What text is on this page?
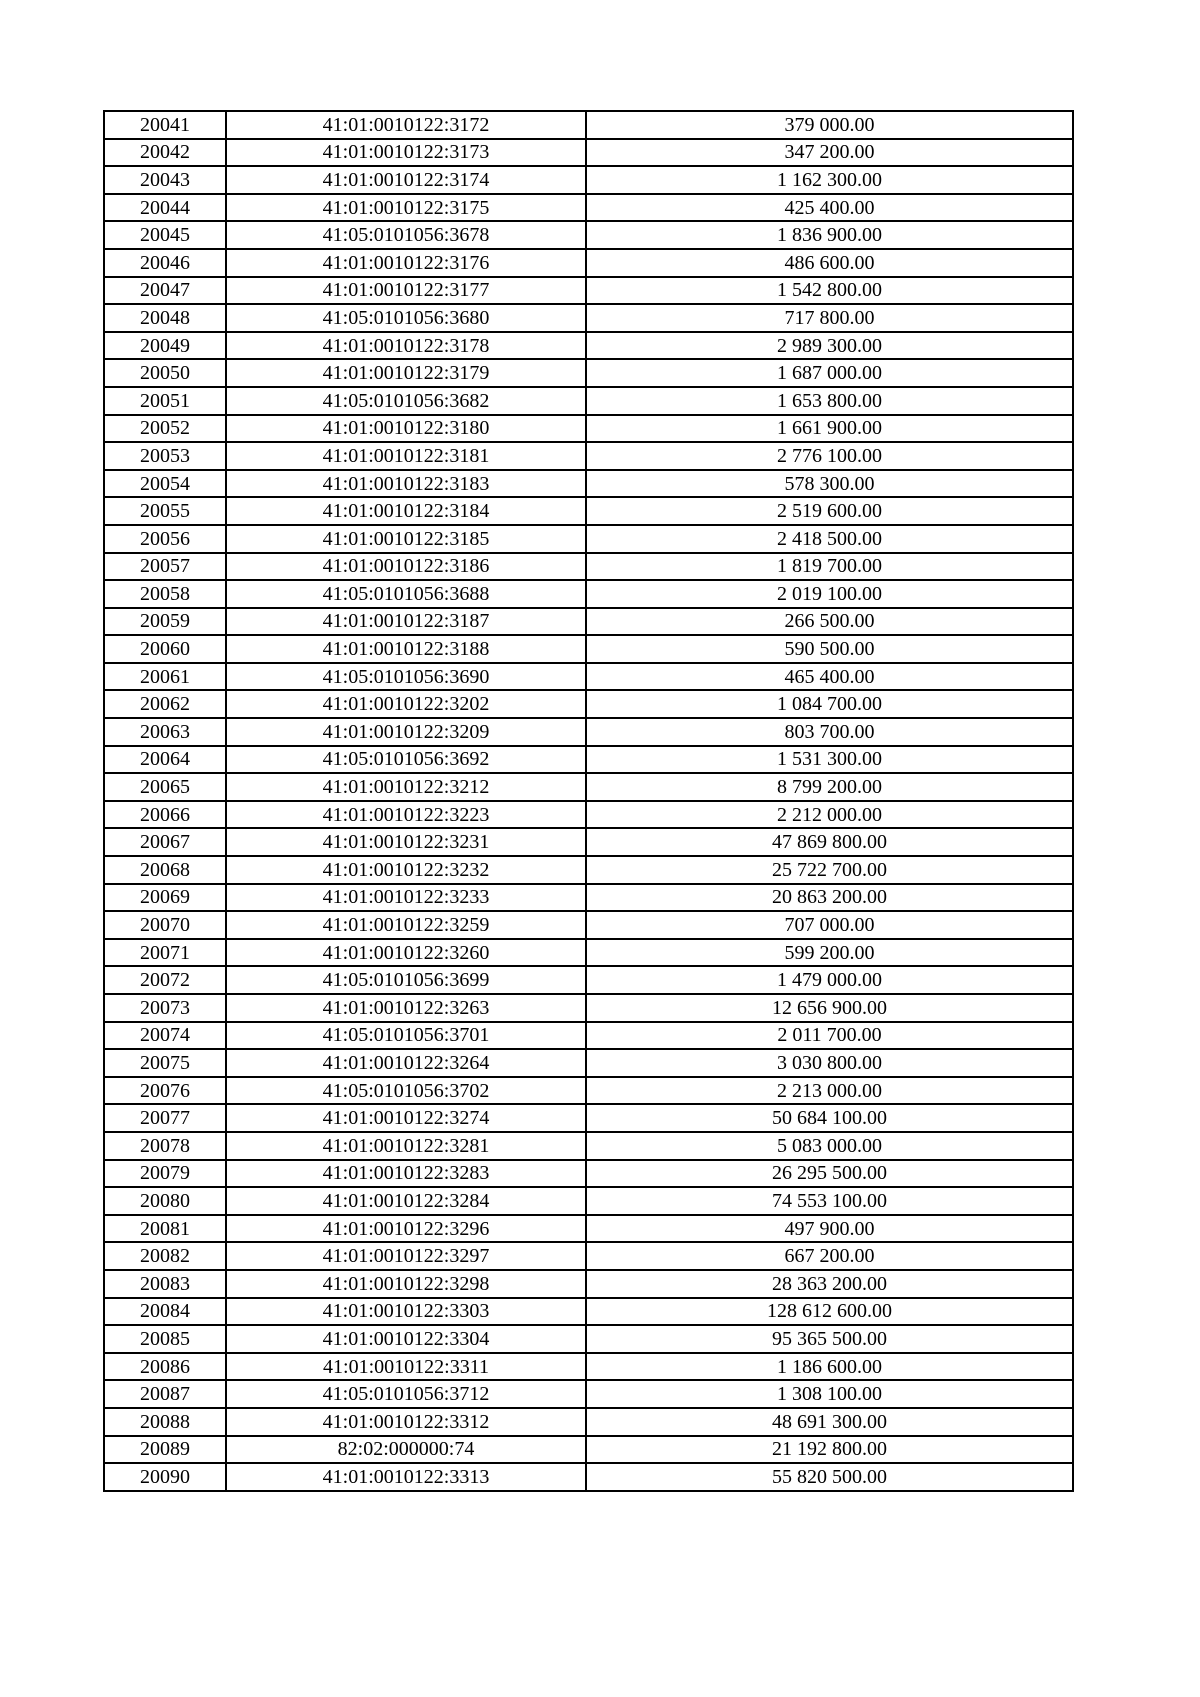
20041	41:01:0010122:3172	379 000.00
20042	41:01:0010122:3173	347 200.00
20043	41:01:0010122:3174	1 162 300.00
20044	41:01:0010122:3175	425 400.00
20045	41:05:0101056:3678	1 836 900.00
20046	41:01:0010122:3176	486 600.00
20047	41:01:0010122:3177	1 542 800.00
20048	41:05:0101056:3680	717 800.00
20049	41:01:0010122:3178	2 989 300.00
20050	41:01:0010122:3179	1 687 000.00
20051	41:05:0101056:3682	1 653 800.00
20052	41:01:0010122:3180	1 661 900.00
20053	41:01:0010122:3181	2 776 100.00
20054	41:01:0010122:3183	578 300.00
20055	41:01:0010122:3184	2 519 600.00
20056	41:01:0010122:3185	2 418 500.00
20057	41:01:0010122:3186	1 819 700.00
20058	41:05:0101056:3688	2 019 100.00
20059	41:01:0010122:3187	266 500.00
20060	41:01:0010122:3188	590 500.00
20061	41:05:0101056:3690	465 400.00
20062	41:01:0010122:3202	1 084 700.00
20063	41:01:0010122:3209	803 700.00
20064	41:05:0101056:3692	1 531 300.00
20065	41:01:0010122:3212	8 799 200.00
20066	41:01:0010122:3223	2 212 000.00
20067	41:01:0010122:3231	47 869 800.00
20068	41:01:0010122:3232	25 722 700.00
20069	41:01:0010122:3233	20 863 200.00
20070	41:01:0010122:3259	707 000.00
20071	41:01:0010122:3260	599 200.00
20072	41:05:0101056:3699	1 479 000.00
20073	41:01:0010122:3263	12 656 900.00
20074	41:05:0101056:3701	2 011 700.00
20075	41:01:0010122:3264	3 030 800.00
20076	41:05:0101056:3702	2 213 000.00
20077	41:01:0010122:3274	50 684 100.00
20078	41:01:0010122:3281	5 083 000.00
20079	41:01:0010122:3283	26 295 500.00
20080	41:01:0010122:3284	74 553 100.00
20081	41:01:0010122:3296	497 900.00
20082	41:01:0010122:3297	667 200.00
20083	41:01:0010122:3298	28 363 200.00
20084	41:01:0010122:3303	128 612 600.00
20085	41:01:0010122:3304	95 365 500.00
20086	41:01:0010122:3311	1 186 600.00
20087	41:05:0101056:3712	1 308 100.00
20088	41:01:0010122:3312	48 691 300.00
20089	82:02:000000:74	21 192 800.00
20090	41:01:0010122:3313	55 820 500.00
